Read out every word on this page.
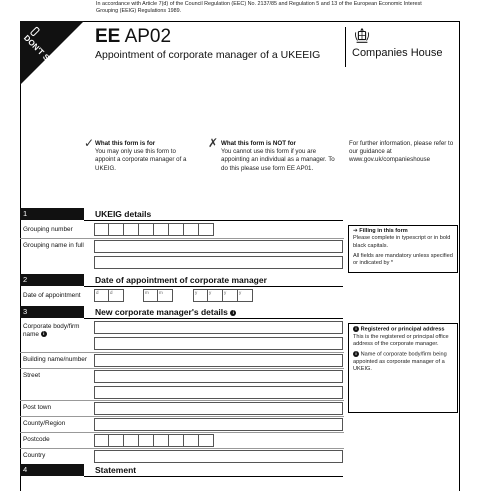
In accordance with Article 7(d) of the Council Regulation (EEC) No. 2137/85 and Regulation 5 and 13 of the European Economic Interest Grouping (EEIG) Regulations 1989.
DON'T STAPLE EE AP02
Appointment of corporate manager of a UKEEIG	Companies House
✓ What this form is for
You may only use this form to appoint a corporate manager of a UKEIG.
✗ What this form is NOT for
You cannot use this form if you are appointing an individual as a manager. To do this please use form EE AP01.
For further information, please refer to our guidance at www.gov.uk/companieshouse
1	UKEIG details
Grouping number
Grouping name in full

➔ Filling in this form
Please complete in typescript or in bold black capitals.

All fields are mandatory unless specified or indicated by *

2	Date of appointment of corporate manager
Date of appointment	d	d	m	m	y	y	y	y
3	New corporate manager's details i
Corporate body/firm name i
Building name/number
Street
Post town
County/Region
Postcode
Country

i Registered or principal address
This is the registered or principal office address of the corporate manager.

i Name of corporate body/firm being appointed as corporate manager of a UKEIG.

4	Statement
